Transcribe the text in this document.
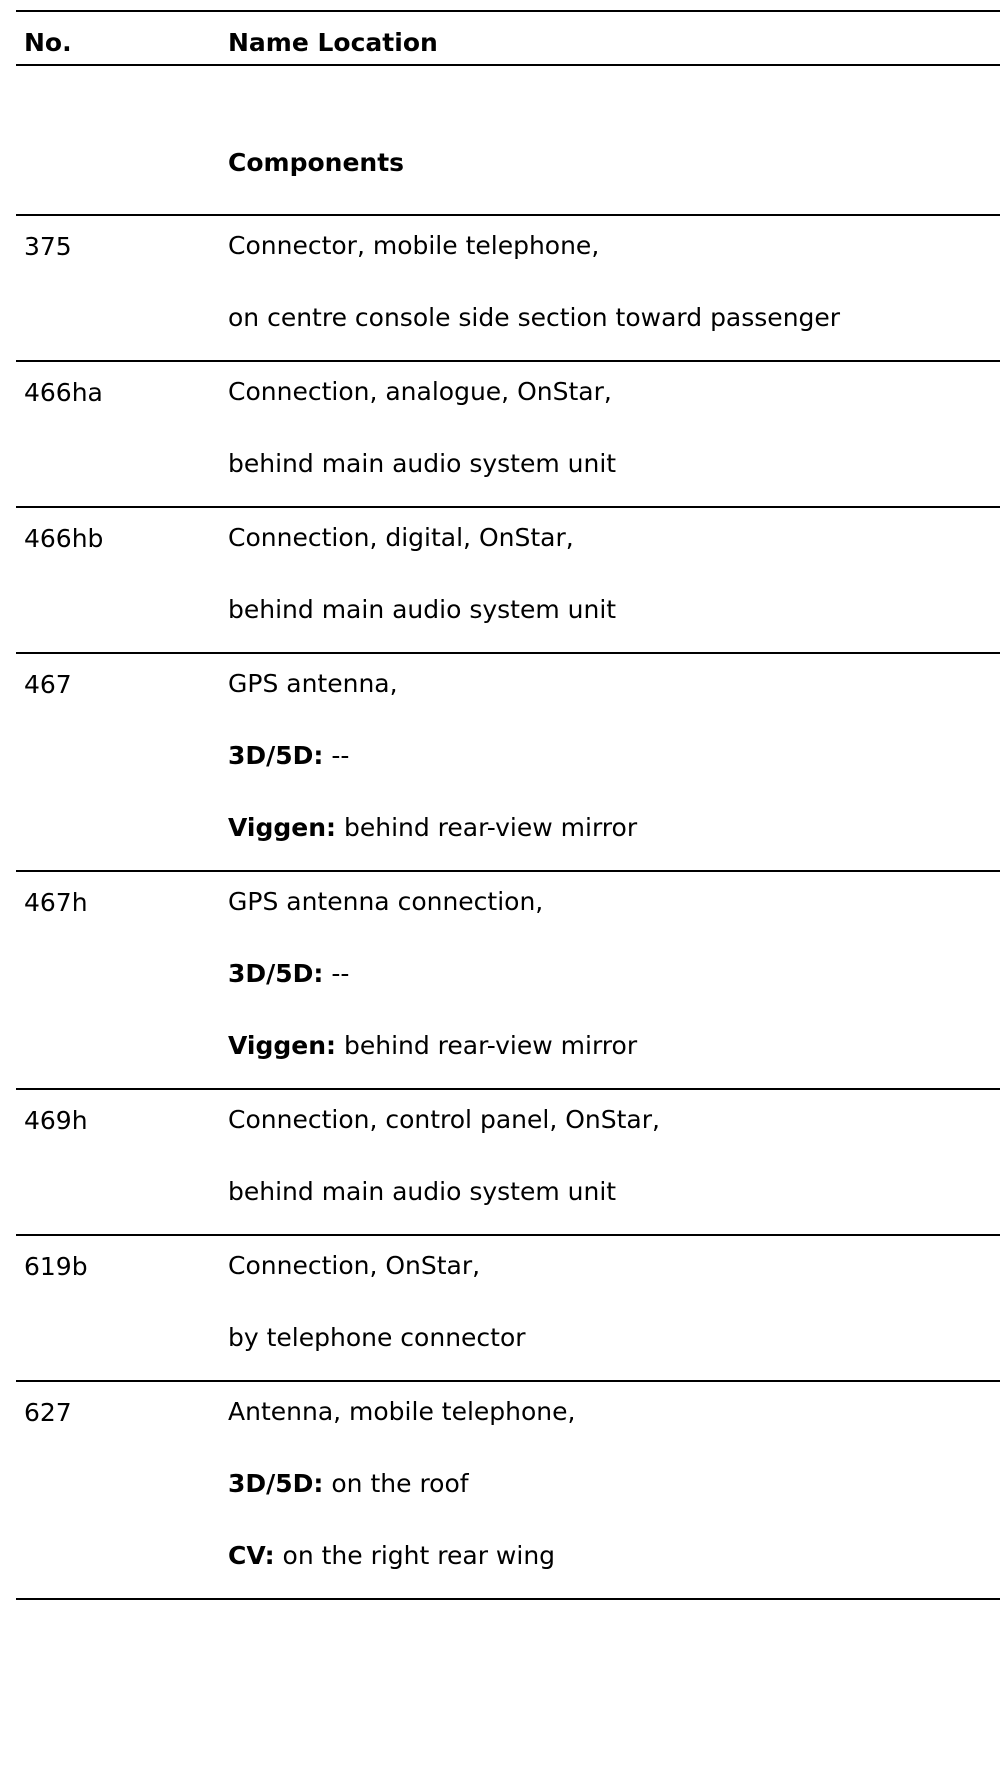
No.	Name Location
Components
375	Connector, mobile telephone,
on centre console side section toward passenger
466ha	Connection, analogue, OnStar,
behind main audio system unit
466hb	Connection, digital, OnStar,
behind main audio system unit
467	GPS antenna,
3D/5D: --
Viggen: behind rear-view mirror
467h	GPS antenna connection,
3D/5D: --
Viggen: behind rear-view mirror
469h	Connection, control panel, OnStar,
behind main audio system unit
619b	Connection, OnStar,
by telephone connector
627	Antenna, mobile telephone,
3D/5D: on the roof
CV: on the right rear wing
